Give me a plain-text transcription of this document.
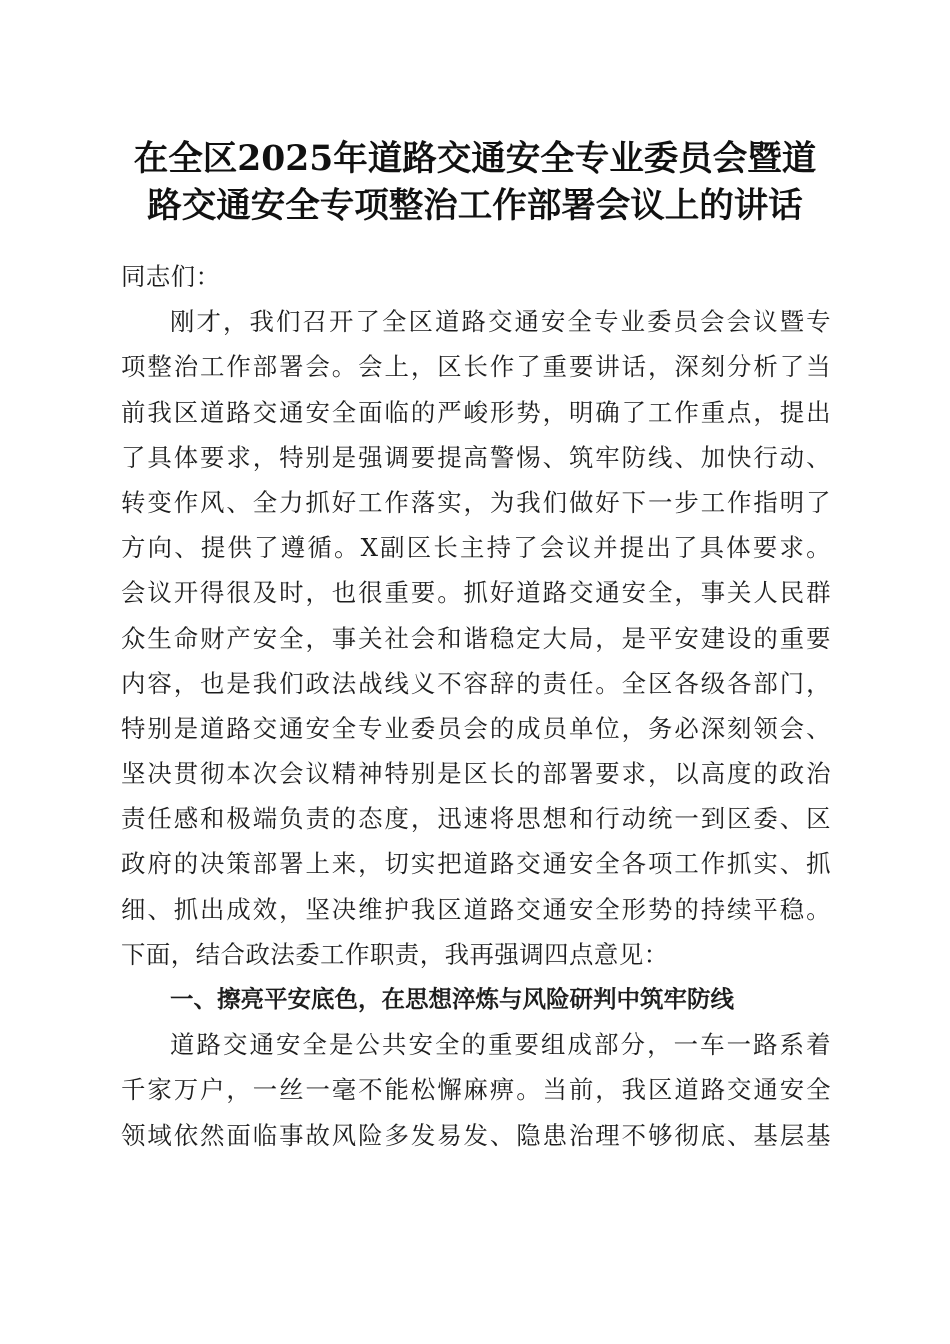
在全区2025年道路交通安全专业委员会暨道
路交通安全专项整治工作部署会议上的讲话
同志们：
刚才，我们召开了全区道路交通安全专业委员会会议暨专
项整治工作部署会。会上，区长作了重要讲话，深刻分析了当
前我区道路交通安全面临的严峻形势，明确了工作重点，提出
了具体要求，特别是强调要提高警惕、筑牢防线、加快行动、
转变作风、全力抓好工作落实，为我们做好下一步工作指明了
方向、提供了遵循。X副区长主持了会议并提出了具体要求。
会议开得很及时，也很重要。抓好道路交通安全，事关人民群
众生命财产安全，事关社会和谐稳定大局，是平安建设的重要
内容，也是我们政法战线义不容辞的责任。全区各级各部门，
特别是道路交通安全专业委员会的成员单位，务必深刻领会、
坚决贯彻本次会议精神特别是区长的部署要求，以高度的政治
责任感和极端负责的态度，迅速将思想和行动统一到区委、区
政府的决策部署上来，切实把道路交通安全各项工作抓实、抓
细、抓出成效，坚决维护我区道路交通安全形势的持续平稳。
下面，结合政法委工作职责，我再强调四点意见：
一、擦亮平安底色，在思想淬炼与风险研判中筑牢防线
道路交通安全是公共安全的重要组成部分，一车一路系着
千家万户，一丝一毫不能松懈麻痹。当前，我区道路交通安全
领域依然面临事故风险多发易发、隐患治理不够彻底、基层基
